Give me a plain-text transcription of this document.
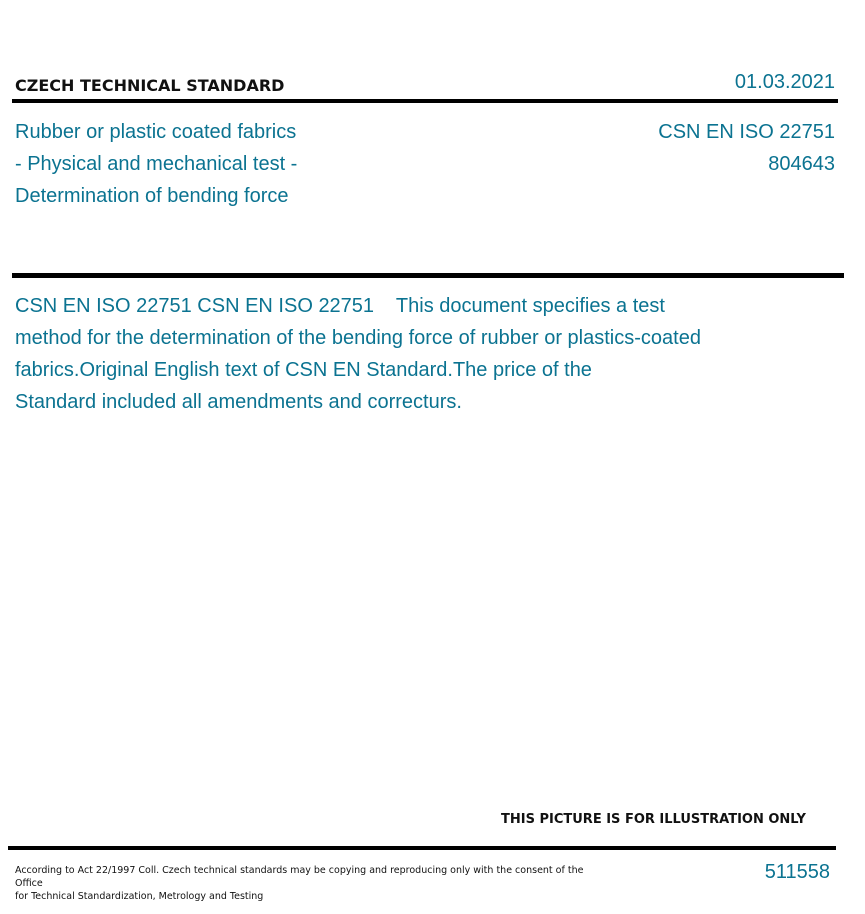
CZECH TECHNICAL STANDARD	01.03.2021
Rubber or plastic coated fabrics
- Physical and mechanical test -
Determination of bending force
CSN EN ISO 22751
804643
CSN EN ISO 22751 CSN EN ISO 22751    This document specifies a test
method for the determination of the bending force of rubber or plastics-coated
fabrics.Original English text of CSN EN Standard.The price of the
Standard included all amendments and correcturs.
THIS PICTURE IS FOR ILLUSTRATION ONLY
According to Act 22/1997 Coll. Czech technical standards may be copying and reproducing only with the consent of the Office
for Technical Standardization, Metrology and Testing
511558
